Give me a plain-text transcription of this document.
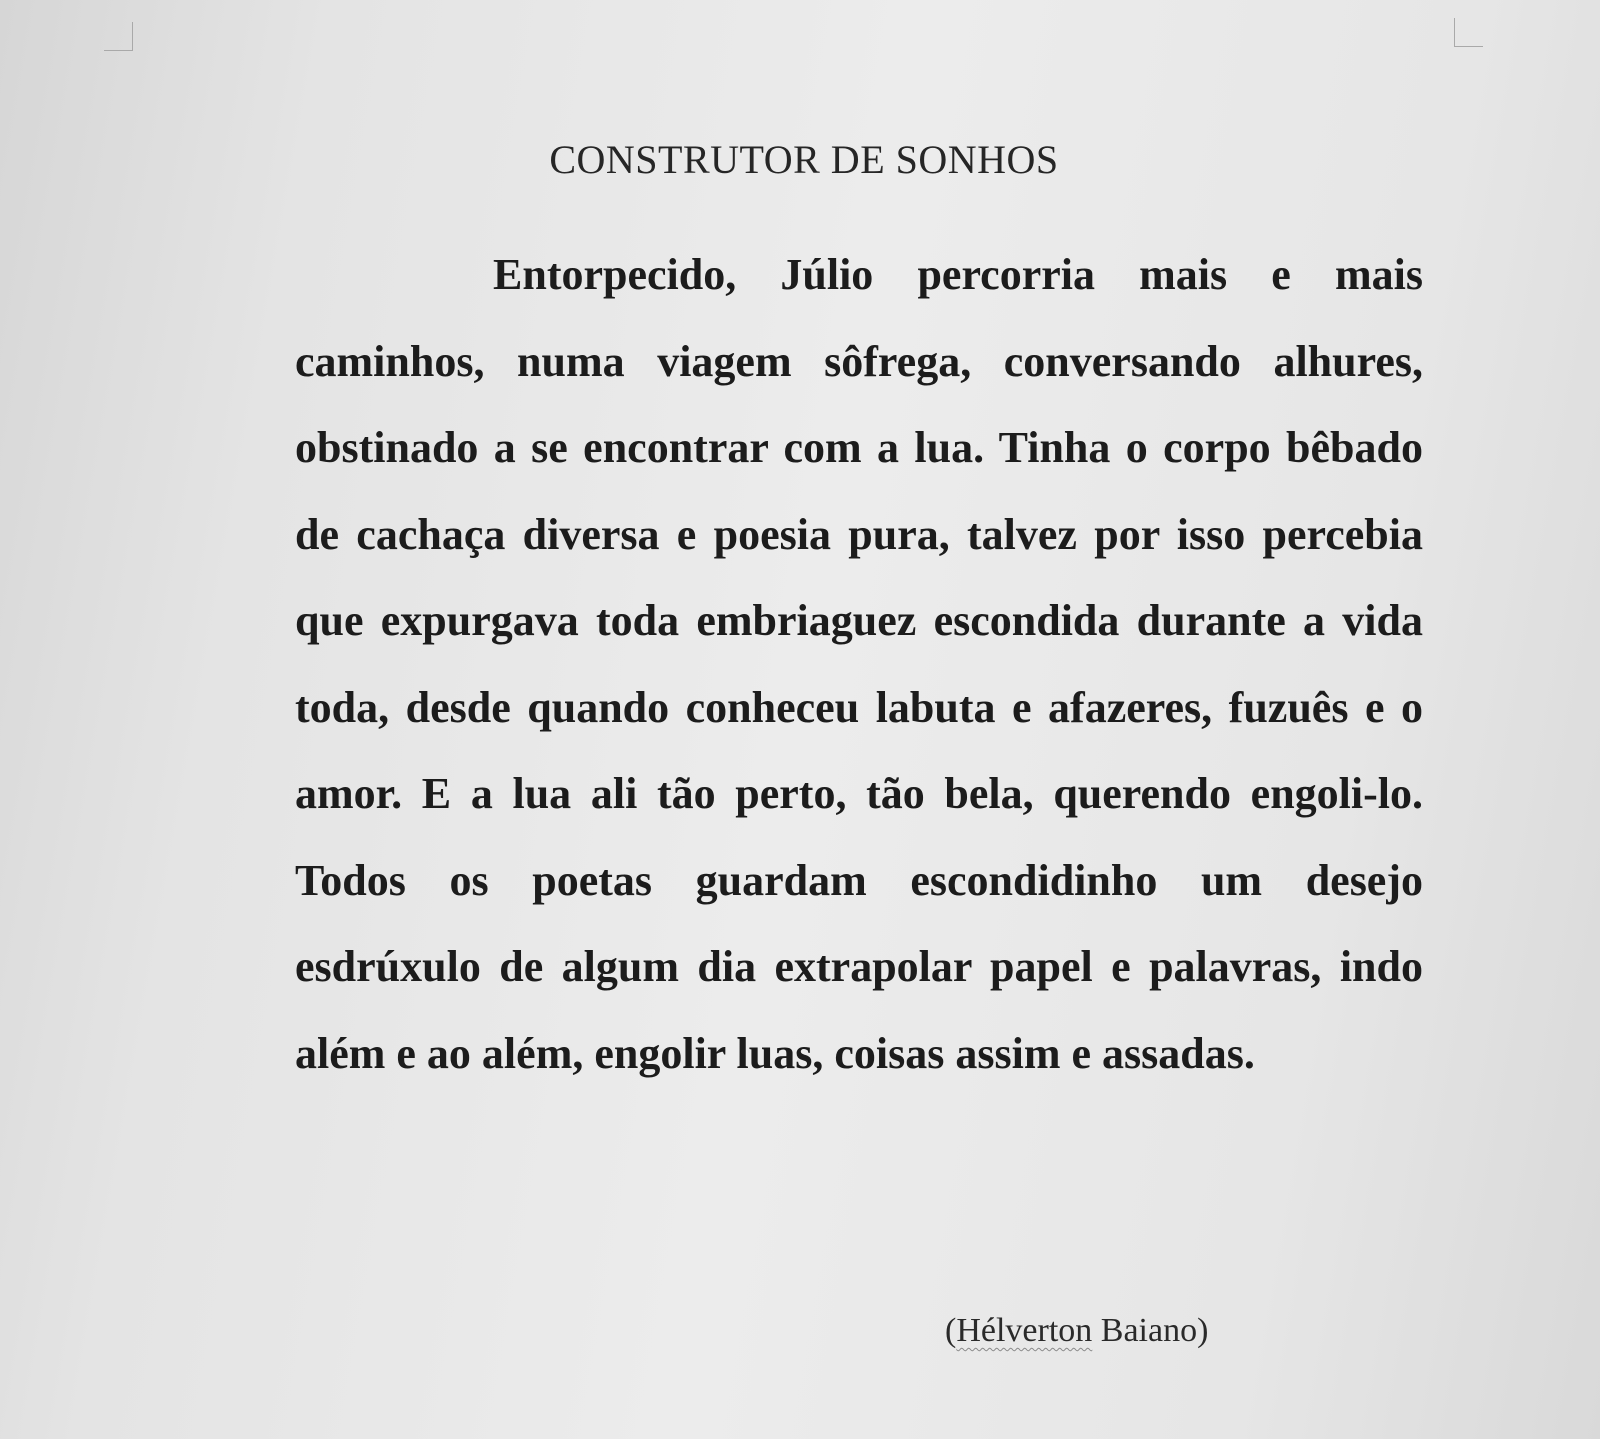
CONSTRUTOR DE SONHOS

Entorpecido, Júlio percorria mais e mais caminhos, numa viagem sôfrega, conversando alhures, obstinado a se encontrar com a lua. Tinha o corpo bêbado de cachaça diversa e poesia pura, talvez por isso percebia que expurgava toda embriaguez escondida durante a vida toda, desde quando conheceu labuta e afazeres, fuzuês e o amor. E a lua ali tão perto, tão bela, querendo engoli-lo. Todos os poetas guardam escondidinho um desejo esdrúxulo de algum dia extrapolar papel e palavras, indo além e ao além, engolir luas, coisas assim e assadas.

(Hélverton Baiano)
